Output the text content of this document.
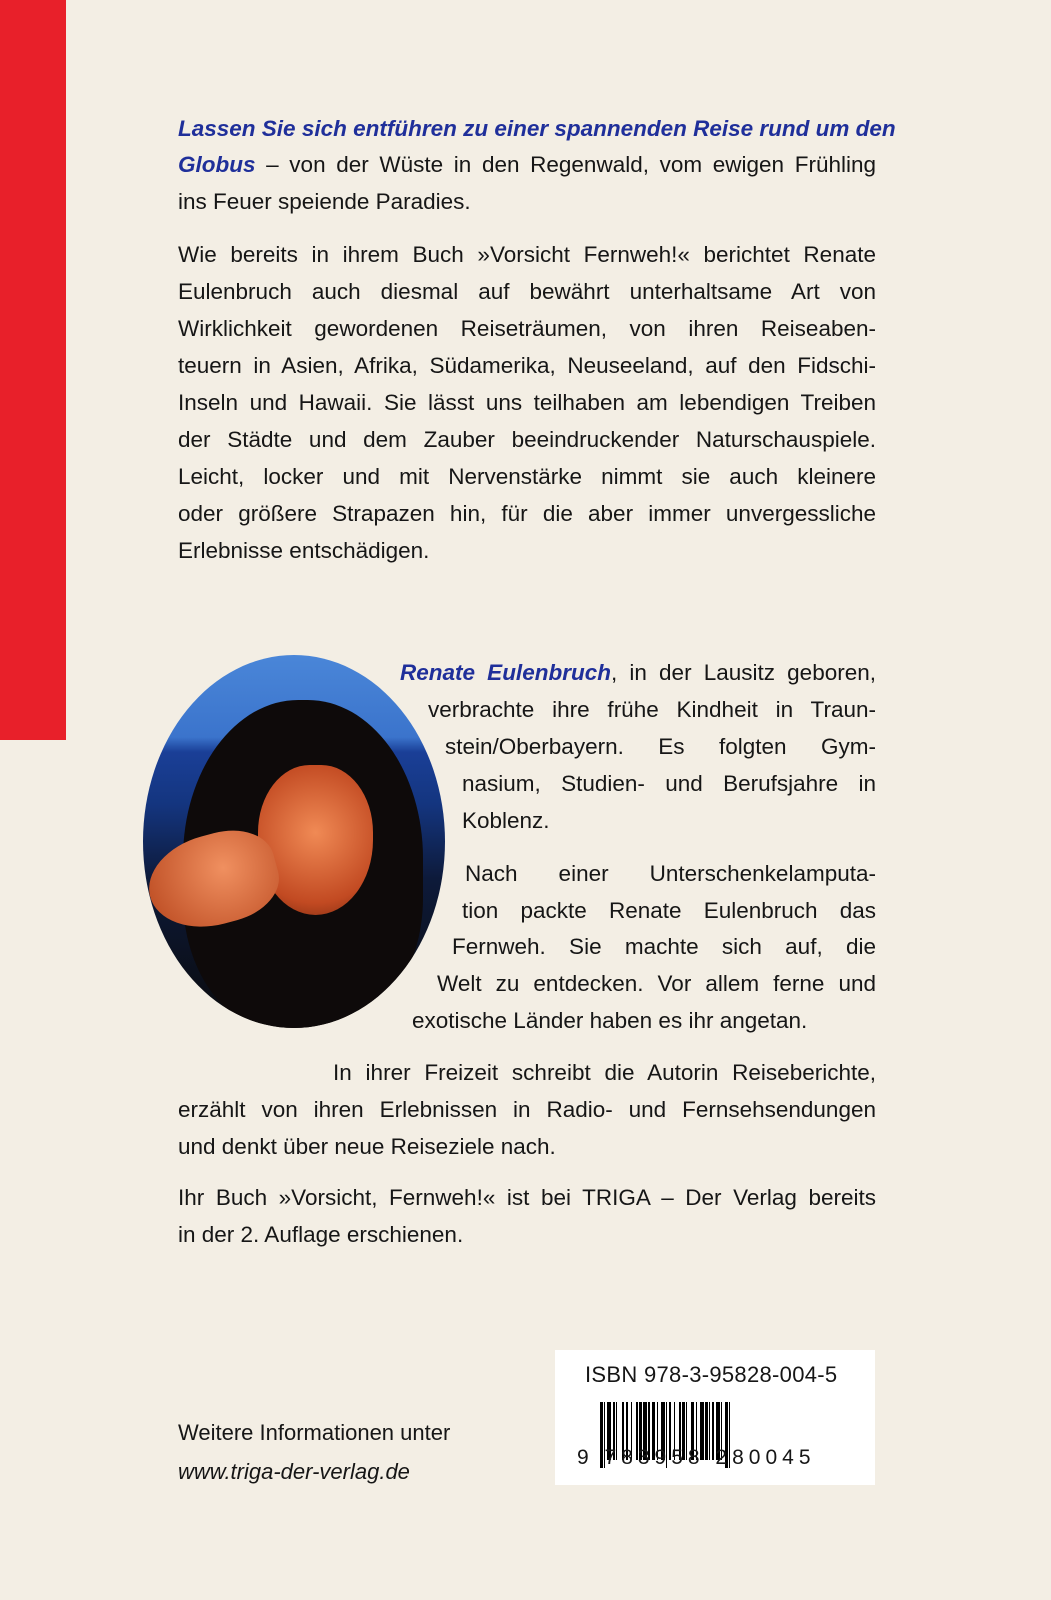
Lassen Sie sich entführen zu einer spannenden Reise rund um den
Globus – von der Wüste in den Regenwald, vom ewigen Frühling
ins Feuer speiende Paradies.
Wie bereits in ihrem Buch »Vorsicht Fernweh!« berichtet Renate
Eulenbruch auch diesmal auf bewährt unterhaltsame Art von
Wirklichkeit gewordenen Reiseträumen, von ihren Reiseaben-
teuern in Asien, Afrika, Südamerika, Neuseeland, auf den Fidschi-
Inseln und Hawaii. Sie lässt uns teilhaben am lebendigen Treiben
der Städte und dem Zauber beeindruckender Naturschauspiele.
Leicht, locker und mit Nervenstärke nimmt sie auch kleinere
oder größere Strapazen hin, für die aber immer unvergessliche
Erlebnisse entschädigen.
Renate Eulenbruch, in der Lausitz geboren,
verbrachte ihre frühe Kindheit in Traun-
stein/Oberbayern. Es folgten Gym-
nasium, Studien- und Berufsjahre in
Koblenz.
Nach einer Unterschenkelamputa-
tion packte Renate Eulenbruch das
Fernweh. Sie machte sich auf, die
Welt zu entdecken. Vor allem ferne und
exotische Länder haben es ihr angetan.
In ihrer Freizeit schreibt die Autorin Reiseberichte,
erzählt von ihren Erlebnissen in Radio- und Fernsehsendungen
und denkt über neue Reiseziele nach.
Ihr Buch »Vorsicht, Fernweh!« ist bei TRIGA – Der Verlag bereits
in der 2. Auflage erschienen.
Weitere Informationen unter
www.triga-der-verlag.de
ISBN 978-3-95828-004-5
9 783958 280045
